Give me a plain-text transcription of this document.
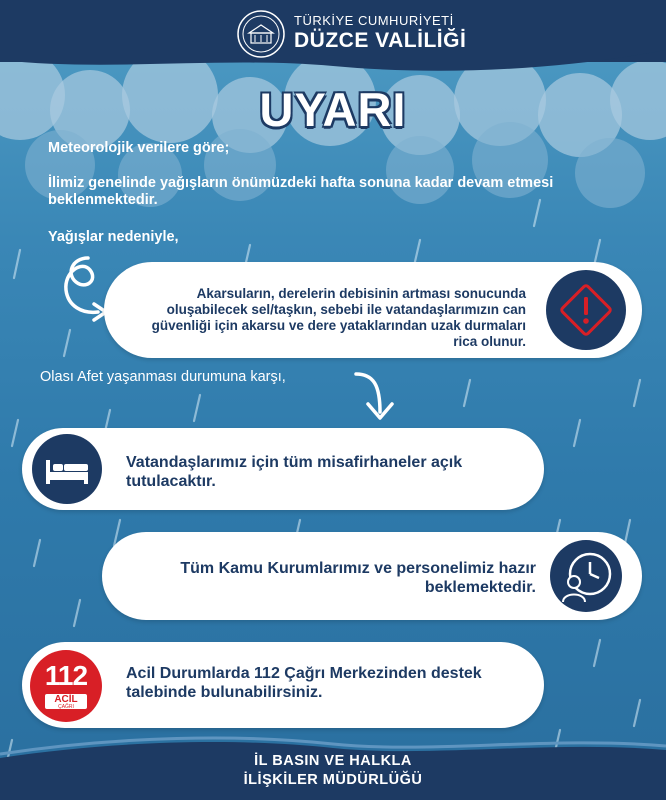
TÜRKİYE CUMHURİYETİ
DÜZCE VALİLİĞİ
UYARI
Meteorolojik verilere göre;
İlimiz genelinde yağışların önümüzdeki hafta sonuna kadar devam etmesi beklenmektedir.
Yağışlar nedeniyle,
Akarsuların, derelerin debisinin artması sonucunda oluşabilecek sel/taşkın, sebebi ile vatandaşlarımızın can güvenliği için akarsu ve dere yataklarından uzak durmaları rica olunur.
Olası Afet yaşanması durumuna karşı,
Vatandaşlarımız için tüm misafirhaneler açık tutulacaktır.
Tüm Kamu Kurumlarımız ve personelimiz hazır beklemektedir.
112
ACİL
ÇAĞRI
Acil Durumlarda 112 Çağrı Merkezinden destek talebinde bulunabilirsiniz.
İL BASIN VE HALKLA
İLİŞKİLER MÜDÜRLÜĞÜ
